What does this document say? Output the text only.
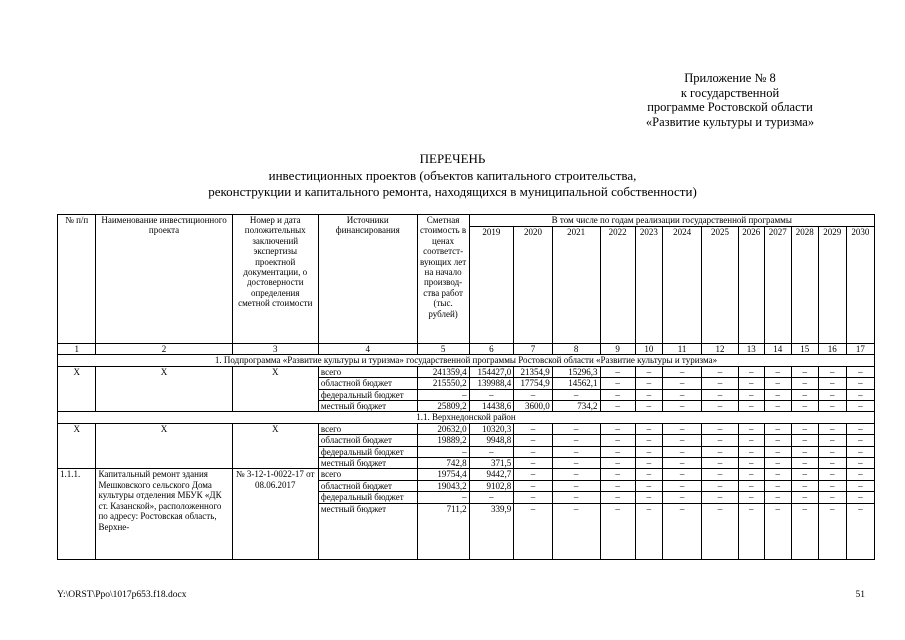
Приложение № 8
к государственной
программе Ростовской области
«Развитие культуры и туризма»
ПЕРЕЧЕНЬ
инвестиционных проектов (объектов капитального строительства,
реконструкции и капитального ремонта, находящихся в муниципальной собственности)
№ п/п	Наименование инвестиционного проекта	Номер и дата положительных заключений экспертизы проектной документации, о достоверности определения сметной стоимости	Источники финансирования	Сметная стоимость в ценах соответст-вующих лет на начало производ-ства работ (тыс. рублей)	В том числе по годам реализации государственной программы											
					2019	2020	2021	2022	2023	2024	2025	2026	2027	2028	2029	2030
1	2	3	4	5	6	7	8	9	10	11	12	13	14	15	16	17
1. Подпрограмма «Развитие культуры и туризма» государственной программы Ростовской области «Развитие культуры и туризма»																
Х	Х	Х	всего	241359,4	154427,0	21354,9	15296,3	–	–	–	–	–	–	–	–	–
			областной бюджет	215550,2	139988,4	17754,9	14562,1	–	–	–	–	–	–	–	–	–
			федеральный бюджет	–	–	–	–	–	–	–	–	–	–	–	–	–
			местный бюджет	25809,2	14438,6	3600,0	734,2	–	–	–	–	–	–	–	–	–
1.1. Верхнедонской район																
Х	Х	Х	всего	20632,0	10320,3	–	–	–	–	–	–	–	–	–	–	–
			областной бюджет	19889,2	9948,8	–	–	–	–	–	–	–	–	–	–	–
			федеральный бюджет	–	–	–	–	–	–	–	–	–	–	–	–	–
			местный бюджет	742,8	371,5	–	–	–	–	–	–	–	–	–	–	–
1.1.1.	Капитальный ремонт здания Мешковского сельского Дома культуры отделения МБУК «ДК ст. Казанской», расположенного по адресу: Ростовская область, Верхне-	№ 3-12-1-0022-17 от 08.06.2017	всего	19754,4	9442,7	–	–	–	–	–	–	–	–	–	–	–
			областной бюджет	19043,2	9102,8	–	–	–	–	–	–	–	–	–	–	–
			федеральный бюджет	–	–	–	–	–	–	–	–	–	–	–	–	–
			местный бюджет	711,2	339,9	–	–	–	–	–	–	–	–	–	–	–
Y:\ORST\Ppo\1017p653.f18.docx	51
